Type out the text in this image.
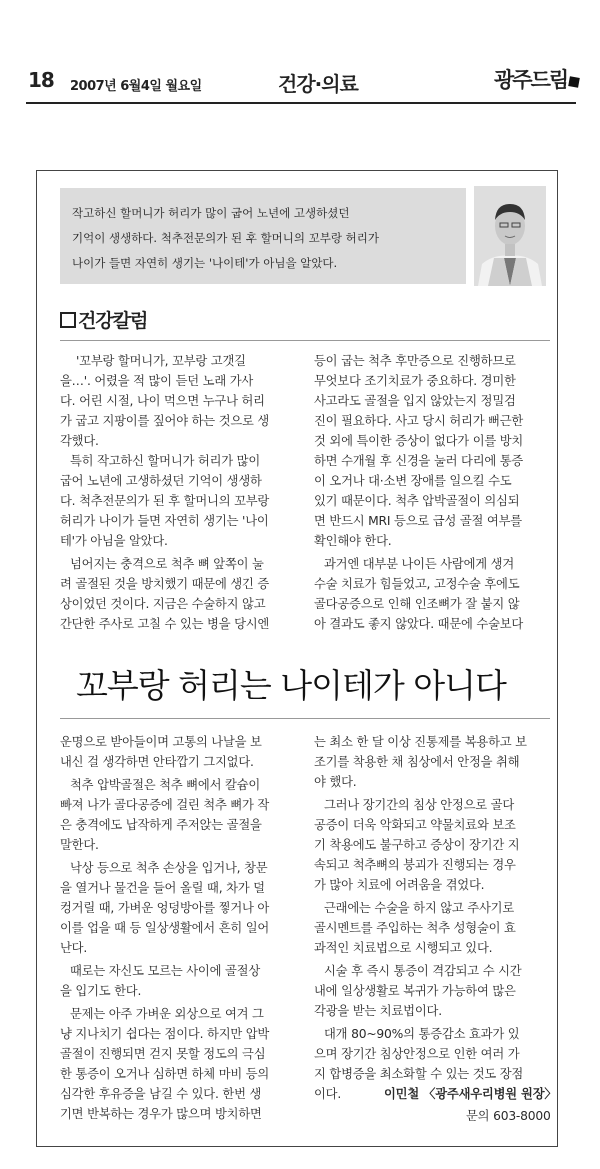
18 2007년 6월4일 월요일	건강·의료	광주드림
작고하신 할머니가 허리가 많이 굽어 노년에 고생하셨던
기억이 생생하다. 척추전문의가 된 후 할머니의 꼬부랑 허리가
나이가 들면 자연히 생기는 '나이테'가 아님을 알았다.
건강칼럼
'꼬부랑 할머니가, 꼬부랑 고갯길
을…'. 어렸을 적 많이 듣던 노래 가사
다. 어린 시절, 나이 먹으면 누구나 허리
가 굽고 지팡이를 짚어야 하는 것으로 생
각했다.
특히 작고하신 할머니가 허리가 많이
굽어 노년에 고생하셨던 기억이 생생하
다. 척추전문의가 된 후 할머니의 꼬부랑
허리가 나이가 들면 자연히 생기는 '나이
테'가 아님을 알았다.
넘어지는 충격으로 척추 뼈 앞쪽이 눌
려 골절된 것을 방치했기 때문에 생긴 증
상이었던 것이다. 지금은 수술하지 않고
간단한 주사로 고칠 수 있는 병을 당시엔
등이 굽는 척추 후만증으로 진행하므로
무엇보다 조기치료가 중요하다. 경미한
사고라도 골절을 입지 않았는지 정밀검
진이 필요하다. 사고 당시 허리가 뻐근한
것 외에 특이한 증상이 없다가 이를 방치
하면 수개월 후 신경을 눌러 다리에 통증
이 오거나 대·소변 장애를 일으킬 수도
있기 때문이다. 척추 압박골절이 의심되
면 반드시 MRI 등으로 급성 골절 여부를
확인해야 한다.
과거엔 대부분 나이든 사람에게 생겨
수술 치료가 힘들었고, 고정수술 후에도
골다공증으로 인해 인조뼈가 잘 붙지 않
아 결과도 좋지 않았다. 때문에 수술보다
꼬부랑 허리는 나이테가 아니다
운명으로 받아들이며 고통의 나날을 보
내신 걸 생각하면 안타깝기 그지없다.
척추 압박골절은 척추 뼈에서 칼슘이
빠져 나가 골다공증에 걸린 척추 뼈가 작
은 충격에도 납작하게 주저앉는 골절을
말한다.
낙상 등으로 척추 손상을 입거나, 창문
을 열거나 물건을 들어 올릴 때, 차가 덜
컹거릴 때, 가벼운 엉덩방아를 찧거나 아
이를 업을 때 등 일상생활에서 흔히 일어
난다.
때로는 자신도 모르는 사이에 골절상
을 입기도 한다.
문제는 아주 가벼운 외상으로 여겨 그
냥 지나치기 쉽다는 점이다. 하지만 압박
골절이 진행되면 걷지 못할 정도의 극심
한 통증이 오거나 심하면 하체 마비 등의
심각한 후유증을 남길 수 있다. 한번 생
기면 반복하는 경우가 많으며 방치하면
는 최소 한 달 이상 진통제를 복용하고 보
조기를 착용한 채 침상에서 안정을 취해
야 했다.
그러나 장기간의 침상 안정으로 골다
공증이 더욱 악화되고 약물치료와 보조
기 착용에도 불구하고 증상이 장기간 지
속되고 척추뼈의 붕괴가 진행되는 경우
가 많아 치료에 어려움을 겪었다.
근래에는 수술을 하지 않고 주사기로
골시멘트를 주입하는 척추 성형술이 효
과적인 치료법으로 시행되고 있다.
시술 후 즉시 통증이 격감되고 수 시간
내에 일상생활로 복귀가 가능하여 많은
각광을 받는 치료법이다.
대개 80~90%의 통증감소 효과가 있
으며 장기간 침상안정으로 인한 여러 가
지 합병증을 최소화할 수 있는 것도 장점
이다.	이민철 〈광주새우리병원 원장〉
문의 603-8000
